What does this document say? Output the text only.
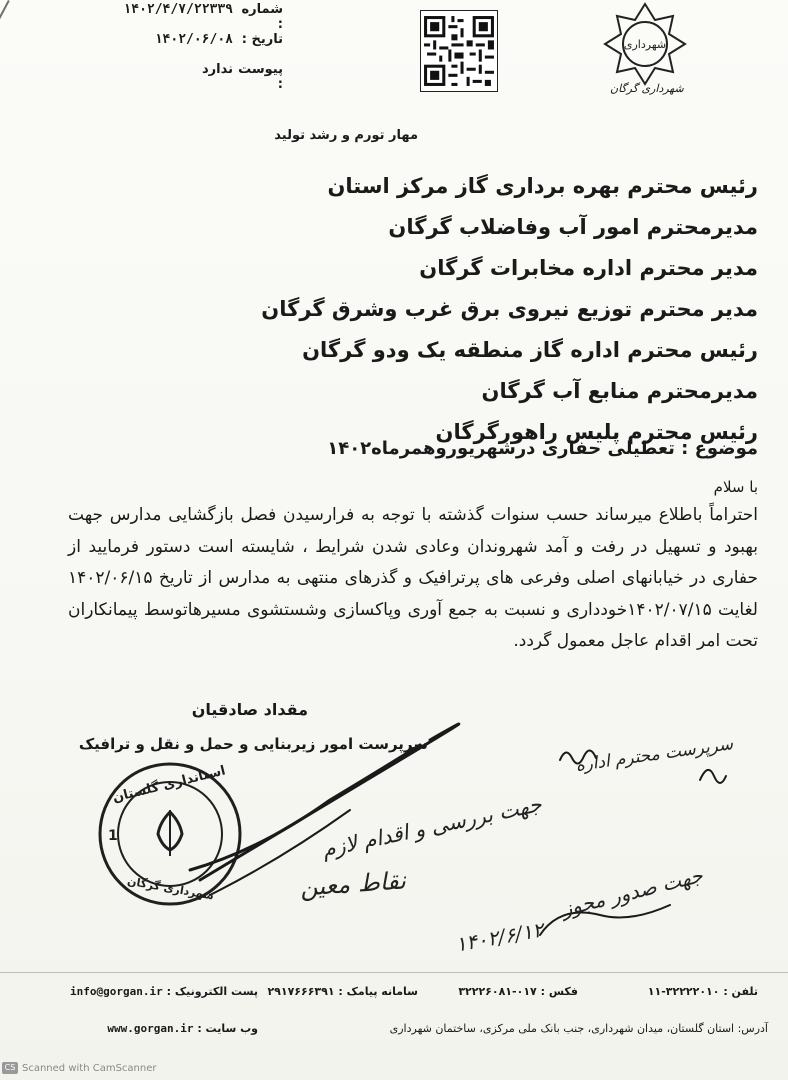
شماره :
۱۴۰۲/۴/۷/۲۲۳۳۹
تاریخ :
۱۴۰۲/۰۶/۰۸
پیوست :
ندارد
شهرداری
شهرداری گرگان
مهار تورم و رشد تولید
رئیس محترم بهره برداری گاز مرکز استان
مدیرمحترم امور آب وفاضلاب گرگان
مدیر محترم اداره مخابرات گرگان
مدیر محترم توزیع نیروی برق غرب وشرق گرگان
رئیس محترم اداره گاز منطقه یک ودو گرگان
مدیرمحترم منابع آب گرگان
رئیس محترم پلیس راهورگرگان
موضوع : تعطیلی حفاری درشهریوروهمرماه۱۴۰۲
با سلام
احتراماً باطلاع میرساند حسب سنوات گذشته با توجه به فرارسیدن فصل بازگشایی مدارس جهت بهبود و تسهیل در رفت و آمد شهروندان وعادی شدن شرایط ، شایسته است دستور فرمایید از حفاری در خیابانهای اصلی وفرعی های پرترافیک و گذرهای منتهی به مدارس از تاریخ ۱۴۰۲/۰۶/۱۵ لغایت ۱۴۰۲/۰۷/۱۵خودداری و نسبت به جمع آوری وپاکسازی وشستشوی مسیرهاتوسط پیمانکاران تحت امر اقدام عاجل معمول گردد.
مقداد صادقیان
سرپرست امور زیربنایی و حمل و نقل و ترافیک
استانداری گلستان
شهرداری گرگان
1
سرپرست محترم اداره
جهت بررسی و اقدام لازم
نقاط معین	جهت صدور مجوز
۱۴۰۲/۶/۱۲
پست الکترونیک : info@gorgan.ir
وب سایت : www.gorgan.ir
تلفن : ۳۲۲۲۲۰۱۰-۱۱
فکس : ۰۱۷-۳۲۲۲۶۰۸۱
سامانه پیامک : ۲۹۱۷۶۶۶۳۹۱
آدرس: استان گلستان، میدان شهرداری، جنب بانک ملی مرکزی، ساختمان شهرداری
CS Scanned with CamScanner
